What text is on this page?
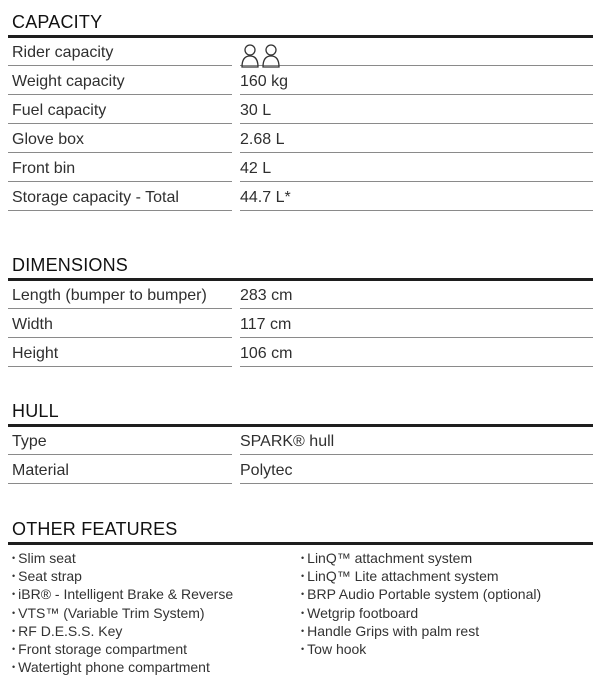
CAPACITY
Rider capacity
Weight capacity	160 kg
Fuel capacity	30 L
Glove box	2.68 L
Front bin	42 L
Storage capacity - Total	44.7 L*
DIMENSIONS
Length (bumper to bumper)	283 cm
Width	117 cm
Height	106 cm
HULL
Type	SPARK® hull
Material	Polytec
OTHER FEATURES
• Slim seat
• Seat strap
• iBR® - Intelligent Brake & Reverse
• VTS™ (Variable Trim System)
• RF D.E.S.S. Key
• Front storage compartment
• Watertight phone compartment
• LinQ™ attachment system
• LinQ™ Lite attachment system
• BRP Audio Portable system (optional)
• Wetgrip footboard
• Handle Grips with palm rest
• Tow hook
